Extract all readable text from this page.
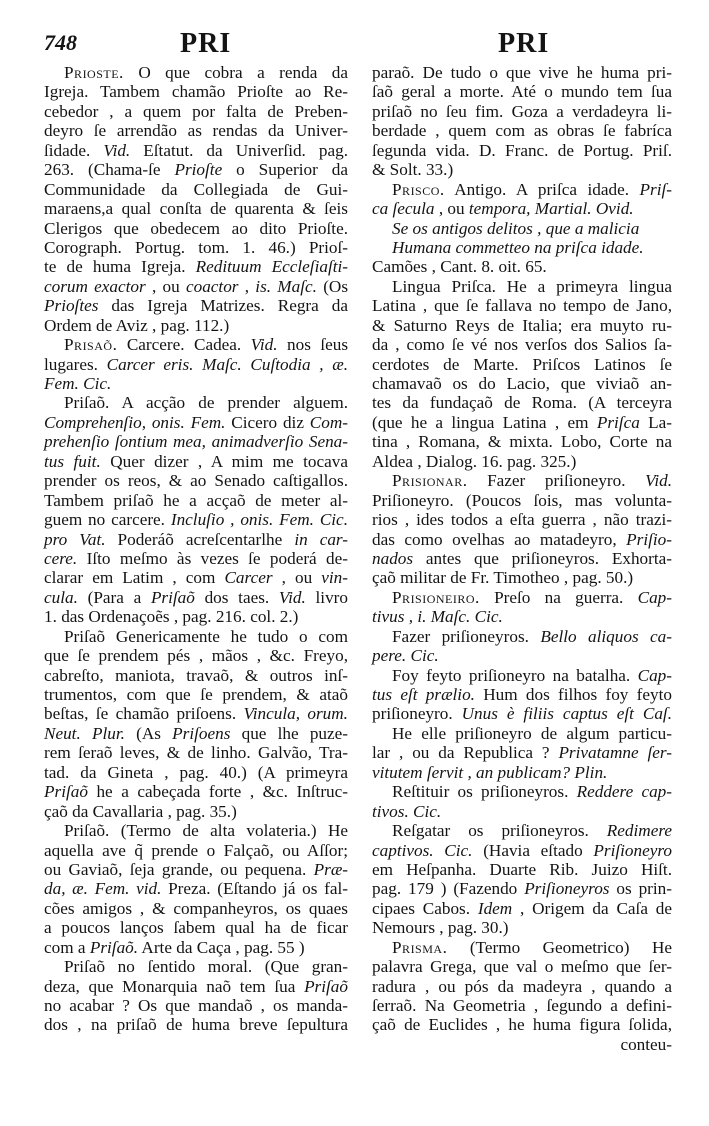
748	PRI	PRI
Prioste. O que cobra a renda da
Igreja. Tambem chamão Prioſte ao Re-
cebedor , a quem por falta de Preben-
deyro ſe arrendão as rendas da Univer-
ſidade. Vid. Eſtatut. da Univerſid. pag.
263. (Chama-ſe Prioſte o Superior da
Communidade da Collegiada de Gui-
maraens,a qual conſta de quarenta & ſeis
Clerigos que obedecem ao dito Prioſte.
Corograph. Portug. tom. 1. 46.) Prioſ-
te de huma Igreja. Redituum Eccleſiaſti-
corum exactor , ou coactor , is. Maſc. (Os
Prioſtes das Igreja Matrizes. Regra da
Ordem de Aviz , pag. 112.)
Prisaõ. Carcere. Cadea. Vid. nos ſeus
lugares. Carcer eris. Maſc. Cuſtodia , æ.
Fem. Cic.
Priſaõ. A acção de prender alguem.
Comprehenſio, onis. Fem. Cicero diz Com-
prehenſio ſontium mea, animadverſio Sena-
tus fuit. Quer dizer , A mim me tocava
prender os reos, & ao Senado caſtigallos.
Tambem priſaõ he a acçaõ de meter al-
guem no carcere. Incluſio , onis. Fem. Cic.
pro Vat. Poderáõ acreſcentarlhe in car-
cere. Iſto meſmo às vezes ſe poderá de-
clarar em Latim , com Carcer , ou vin-
cula. (Para a Priſaõ dos taes. Vid. livro
1. das Ordenaçoẽs , pag. 216. col. 2.)
Priſaõ Genericamente he tudo o com
que ſe prendem pés , mãos , &c. Freyo,
cabreſto, maniota, travaõ, & outros inſ-
trumentos, com que ſe prendem, & ataõ
beſtas, ſe chamão priſoens. Vincula, orum.
Neut. Plur. (As Priſoens que lhe puze-
rem ſeraõ leves, & de linho. Galvão, Tra-
tad. da Gineta , pag. 40.) (A primeyra
Priſaõ he a cabeçada forte , &c. Inſtruc-
çaõ da Cavallaria , pag. 35.)
Priſaõ. (Termo de alta volateria.) He
aquella ave q̃ prende o Falçaõ, ou Aſſor;
ou Gaviaõ, ſeja grande, ou pequena. Præ-
da, æ. Fem. vid. Preza. (Eſtando já os fal-
cões amigos , & companheyros, os quaes
a poucos lanços ſabem qual ha de ficar
com a Priſaõ. Arte da Caça , pag. 55 )
Priſaõ no ſentido moral. (Que gran-
deza, que Monarquia naõ tem ſua Priſaõ
no acabar ? Os que mandaõ , os manda-
dos , na priſaõ de huma breve ſepultura
paraõ. De tudo o que vive he huma pri-
ſaõ geral a morte. Até o mundo tem ſua
priſaõ no ſeu fim. Goza a verdadeyra li-
berdade , quem com as obras ſe fabríca
ſegunda vida. D. Franc. de Portug. Priſ.
& Solt. 33.)
Prisco. Antigo. A priſca idade. Priſ-
ca ſecula , ou tempora, Martial. Ovid.
Se os antigos delitos , que a malicia
Humana commetteo na priſca idade.
Camões , Cant. 8. oit. 65.
Lingua Priſca. He a primeyra lingua
Latina , que ſe fallava no tempo de Jano,
& Saturno Reys de Italia; era muyto ru-
da , como ſe vé nos verſos dos Salios ſa-
cerdotes de Marte. Priſcos Latinos ſe
chamavaõ os do Lacio, que viviaõ an-
tes da fundaçaõ de Roma. (A terceyra
(que he a lingua Latina , em Priſca La-
tina , Romana, & mixta. Lobo, Corte na
Aldea , Dialog. 16. pag. 325.)
Prisionar. Fazer priſioneyro. Vid.
Priſioneyro. (Poucos ſois, mas volunta-
rios , ides todos a eſta guerra , não trazi-
das como ovelhas ao matadeyro, Priſio-
nados antes que priſioneyros. Exhorta-
çaõ militar de Fr. Timotheo , pag. 50.)
Prisioneiro. Preſo na guerra. Cap-
tivus , i. Maſc. Cic.
Fazer priſioneyros. Bello aliquos ca-
pere. Cic.
Foy feyto priſioneyro na batalha. Cap-
tus eſt prælio. Hum dos filhos foy feyto
priſioneyro. Unus è filiis captus eſt Caſ.
He elle priſioneyro de algum particu-
lar , ou da Republica ? Privatamne ſer-
vitutem ſervit , an publicam? Plin.
Reſtituir os priſioneyros. Reddere cap-
tivos. Cic.
Reſgatar os priſioneyros. Redimere
captivos. Cic. (Havia eſtado Priſioneyro
em Heſpanha. Duarte Rib. Juizo Hiſt.
pag. 179 ) (Fazendo Priſioneyros os prin-
cipaes Cabos. Idem , Origem da Caſa de
Nemours , pag. 30.)
Prisma. (Termo Geometrico) He
palavra Grega, que val o meſmo que ſer-
radura , ou pós da madeyra , quando a
ſerraõ. Na Geometria , ſegundo a defini-
çaõ de Euclides , he huma figura ſolida,
conteu-
